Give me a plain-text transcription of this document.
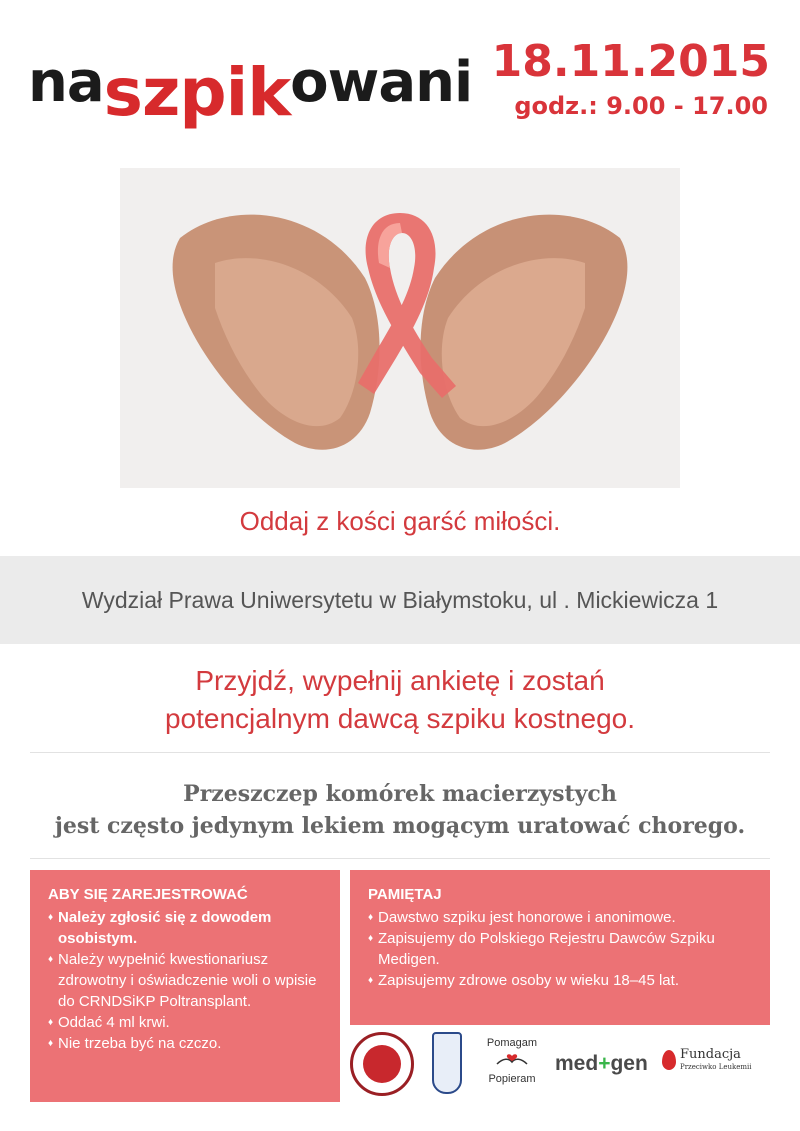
naszpikowani 18.11.2015
godz.: 9.00 - 17.00
Oddaj z kości garść miłości.
Wydział Prawa Uniwersytetu w Białymstoku, ul . Mickiewicza 1
Przyjdź, wypełnij ankietę i zostań
potencjalnym dawcą szpiku kostnego.
Przeszczep komórek macierzystych
jest często jedynym lekiem mogącym uratować chorego.
ABY SIĘ ZAREJESTROWAĆ
♦ Należy zgłosić się z dowodem osobistym.
♦ Należy wypełnić kwestionariusz zdrowotny i oświadczenie woli o wpisie do CRNDSiKP Poltransplant.
♦ Oddać 4 ml krwi.
♦ Nie trzeba być na czczo.
PAMIĘTAJ
♦ Dawstwo szpiku jest honorowe i anonimowe.
♦ Zapisujemy do Polskiego Rejestru Dawców Szpiku Medigen.
♦ Zapisujemy zdrowe osoby w wieku 18–45 lat.
Pomagam
Popieram
med+gen Fundacja
Przeciwko Leukemii
